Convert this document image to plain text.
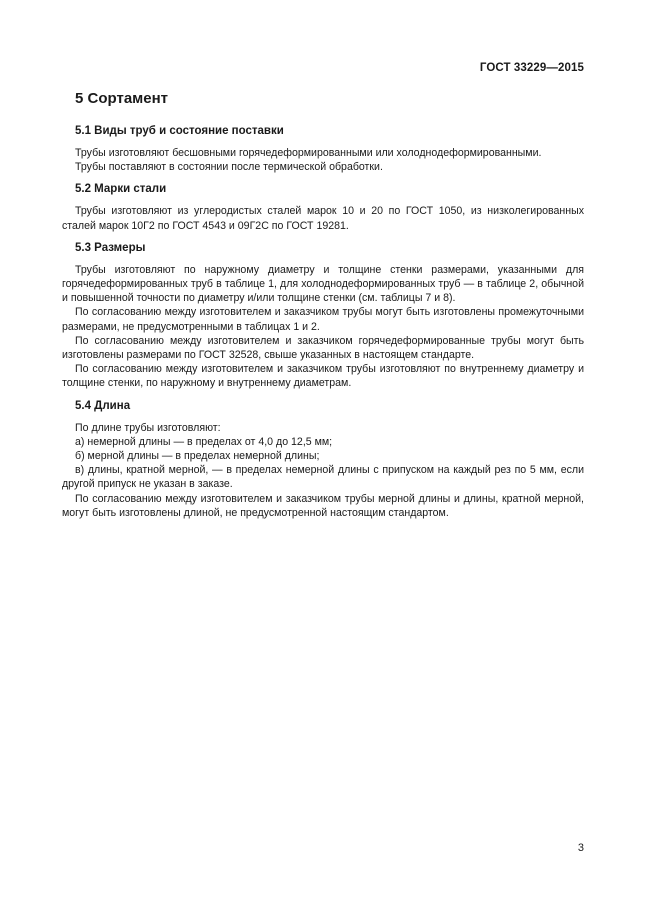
ГОСТ 33229—2015
5 Сортамент
5.1 Виды труб и состояние поставки

Трубы изготовляют бесшовными горячедеформированными или холоднодеформированными.

Трубы поставляют в состоянии после термической обработки.

5.2 Марки стали

Трубы изготовляют из углеродистых сталей марок 10 и 20 по ГОСТ 1050, из низколегированных сталей марок 10Г2 по ГОСТ 4543 и 09Г2С по ГОСТ 19281.

5.3 Размеры

Трубы изготовляют по наружному диаметру и толщине стенки размерами, указанными для горячедеформированных труб в таблице 1, для холоднодеформированных труб — в таблице 2, обычной и повышенной точности по диаметру и/или толщине стенки (см. таблицы 7 и 8).

По согласованию между изготовителем и заказчиком трубы могут быть изготовлены промежуточными размерами, не предусмотренными в таблицах 1 и 2.

По согласованию между изготовителем и заказчиком горячедеформированные трубы могут быть изготовлены размерами по ГОСТ 32528, свыше указанных в настоящем стандарте.

По согласованию между изготовителем и заказчиком трубы изготовляют по внутреннему диаметру и толщине стенки, по наружному и внутреннему диаметрам.

5.4 Длина

По длине трубы изготовляют:

а) немерной длины — в пределах от 4,0 до 12,5 мм;

б) мерной длины — в пределах немерной длины;

в) длины, кратной мерной, — в пределах немерной длины с припуском на каждый рез по 5 мм, если другой припуск не указан в заказе.

По согласованию между изготовителем и заказчиком трубы мерной длины и длины, кратной мерной, могут быть изготовлены длиной, не предусмотренной настоящим стандартом.

3
